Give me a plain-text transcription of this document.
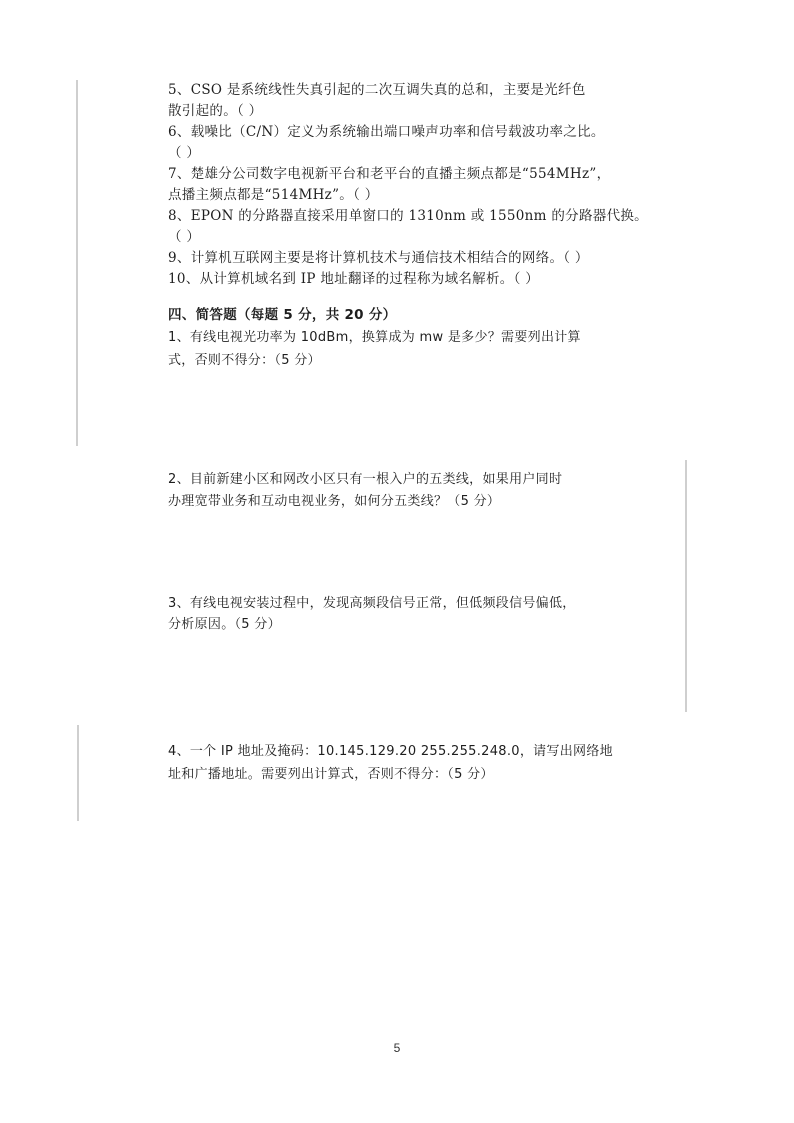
5、CSO 是系统线性失真引起的二次互调失真的总和，主要是光纤色
散引起的。（ ）
6、载噪比（C/N）定义为系统输出端口噪声功率和信号载波功率之比。
（ ）
7、楚雄分公司数字电视新平台和老平台的直播主频点都是“554MHz”，
点播主频点都是“514MHz”。（ ）
8、EPON 的分路器直接采用单窗口的 1310nm 或 1550nm 的分路器代换。
（ ）
9、计算机互联网主要是将计算机技术与通信技术相结合的网络。（ ）
10、从计算机域名到 IP 地址翻译的过程称为域名解析。（ ）
四、简答题（每题 5 分，共 20 分）
1、有线电视光功率为 10dBm，换算成为 mw 是多少？需要列出计算
式，否则不得分：（5 分）
2、目前新建小区和网改小区只有一根入户的五类线，如果用户同时
办理宽带业务和互动电视业务，如何分五类线？（5 分）
3、有线电视安装过程中，发现高频段信号正常，但低频段信号偏低，
分析原因。（5 分）
4、一个 IP 地址及掩码：10.145.129.20 255.255.248.0，请写出网络地
址和广播地址。需要列出计算式，否则不得分：（5 分）
5
